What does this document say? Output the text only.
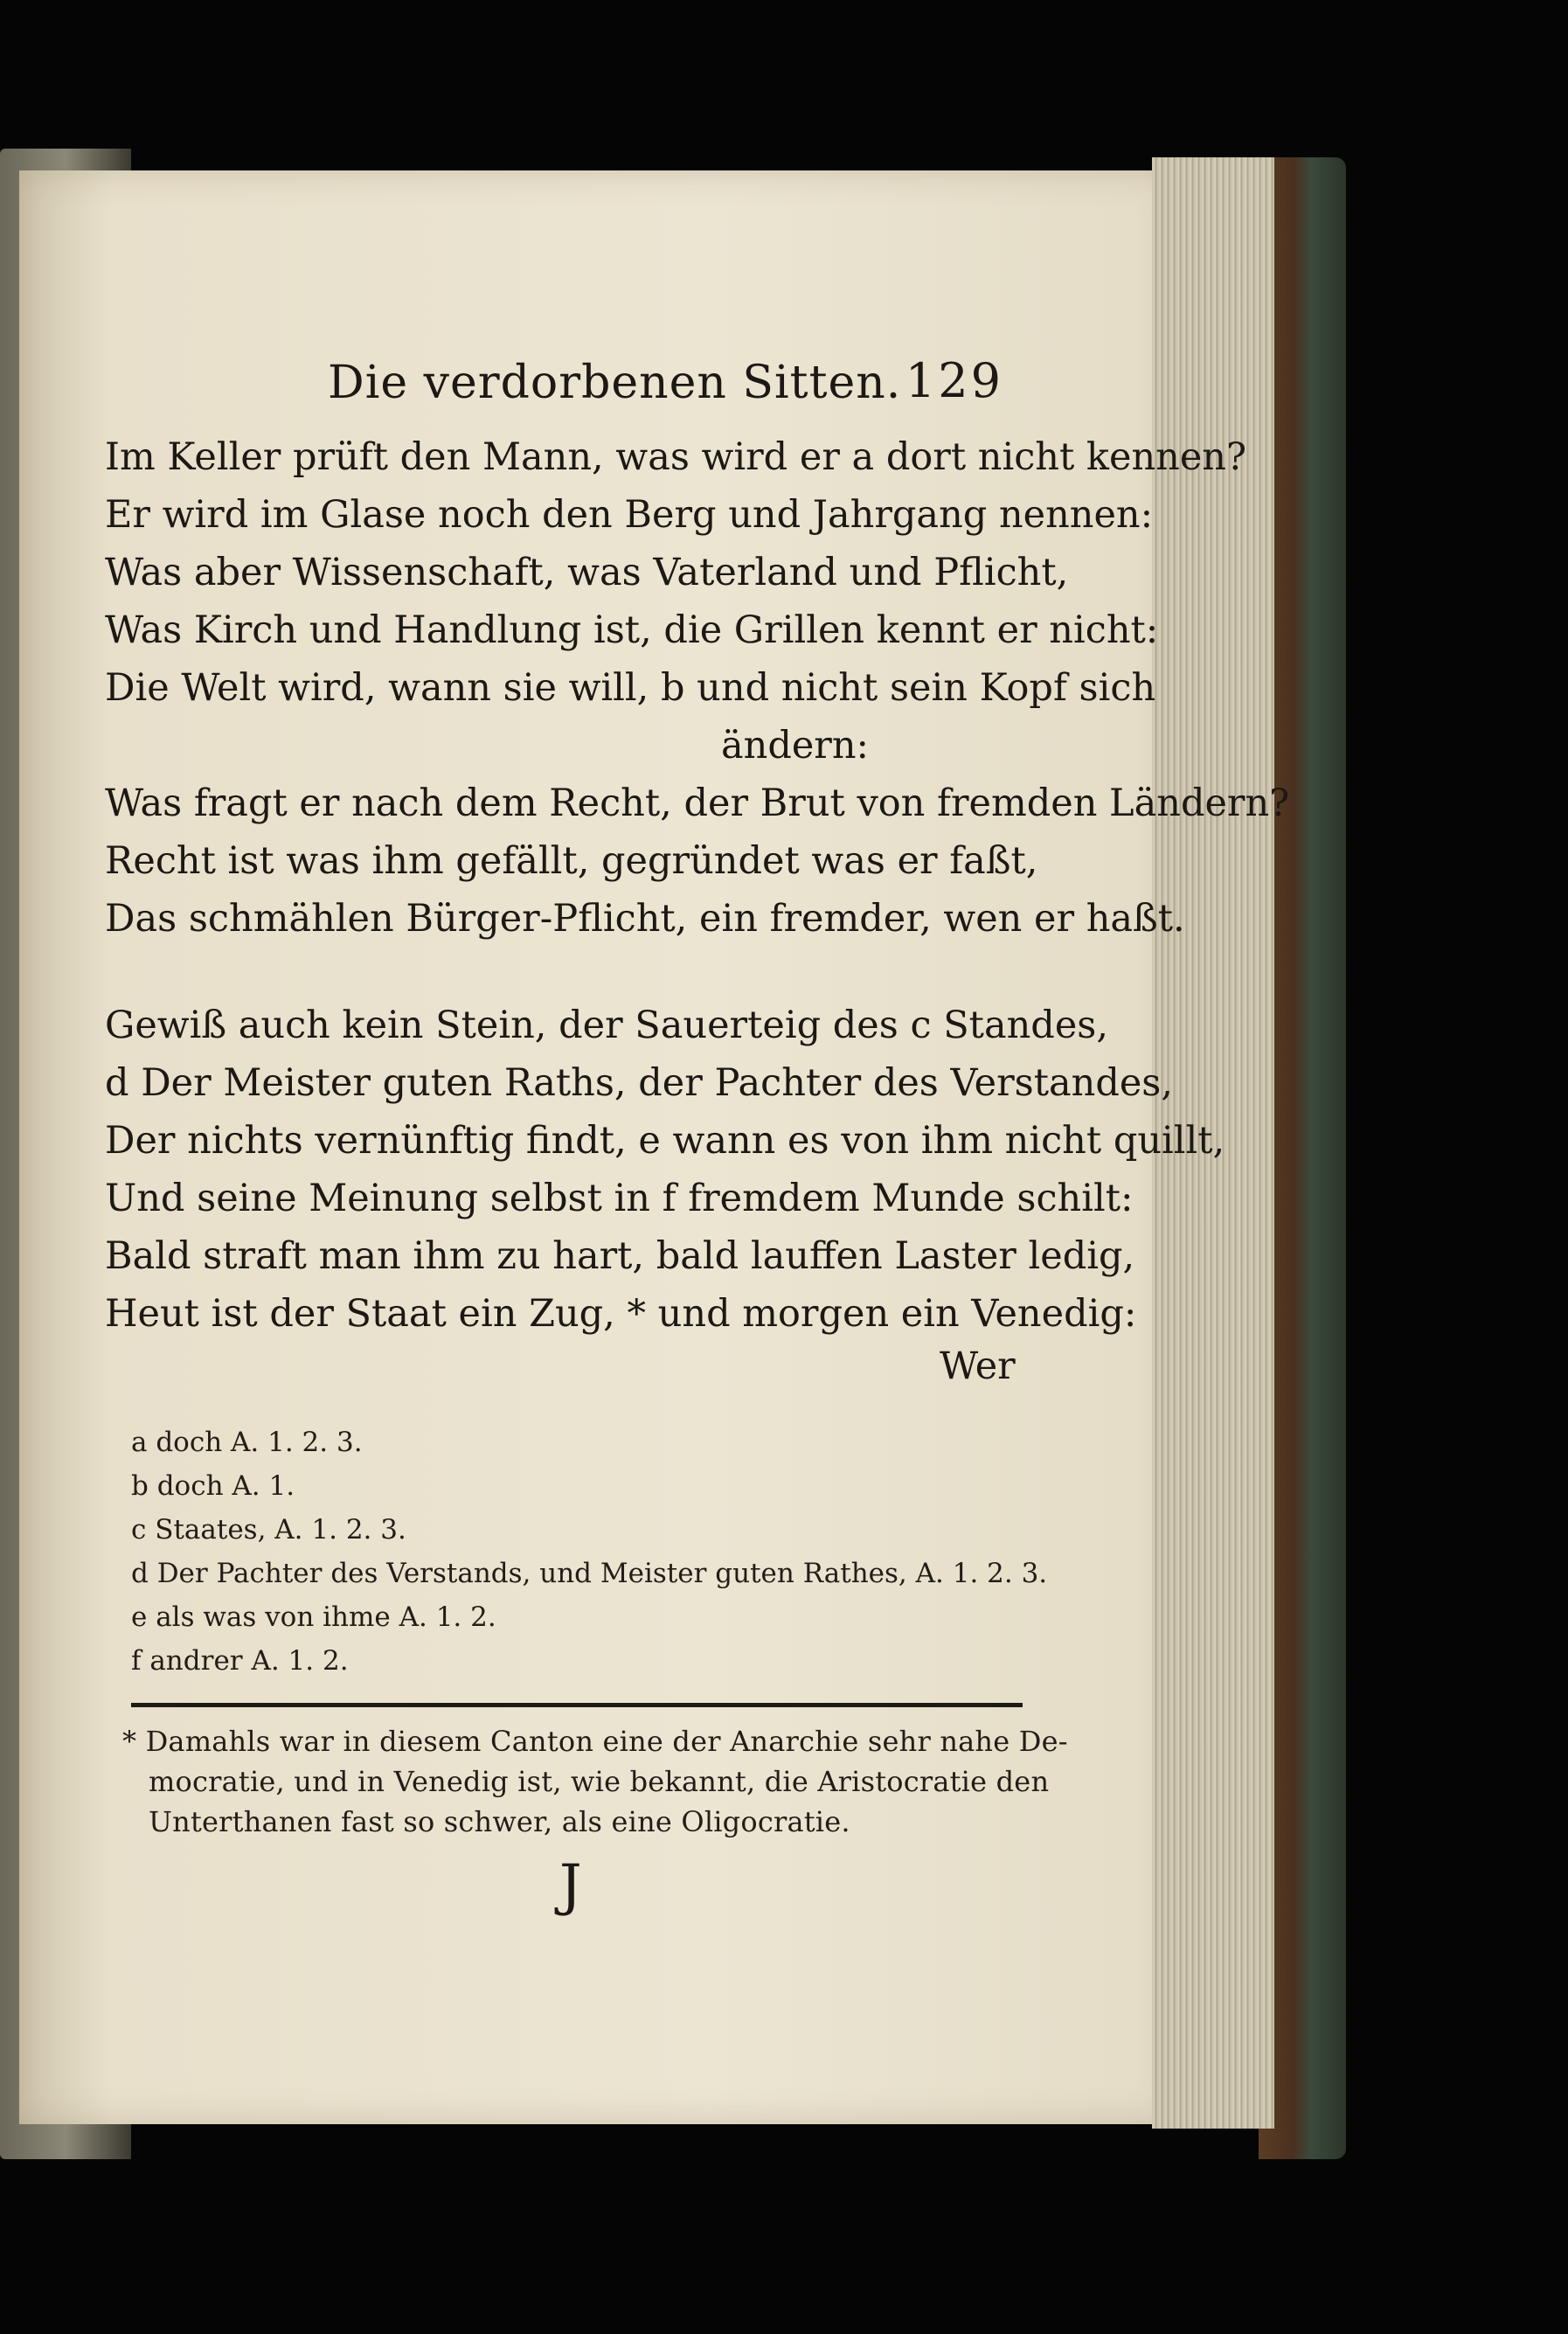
Die verdorbenen Sitten. 129
Im Keller prüft den Mann, was wird er a dort nicht kennen?
Er wird im Glase noch den Berg und Jahrgang nennen:
Was aber Wissenschaft, was Vaterland und Pflicht,
Was Kirch und Handlung ist, die Grillen kennt er nicht:
Die Welt wird, wann sie will, b und nicht sein Kopf sich
ändern:
Was fragt er nach dem Recht, der Brut von fremden Ländern?
Recht ist was ihm gefällt, gegründet was er faßt,
Das schmählen Bürger-Pflicht, ein fremder, wen er haßt.
Gewiß auch kein Stein, der Sauerteig des c Standes,
d Der Meister guten Raths, der Pachter des Verstandes,
Der nichts vernünftig findt, e wann es von ihm nicht quillt,
Und seine Meinung selbst in f fremdem Munde schilt:
Bald straft man ihm zu hart, bald lauffen Laster ledig,
Heut ist der Staat ein Zug, * und morgen ein Venedig:
Wer
a doch A. 1. 2. 3.
b doch A. 1.
c Staates, A. 1. 2. 3.
d Der Pachter des Verstands, und Meister guten Rathes, A. 1. 2. 3.
e als was von ihme A. 1. 2.
f andrer A. 1. 2.
* Damahls war in diesem Canton eine der Anarchie sehr nahe De-
mocratie, und in Venedig ist, wie bekannt, die Aristocratie den
Unterthanen fast so schwer, als eine Oligocratie.
J
